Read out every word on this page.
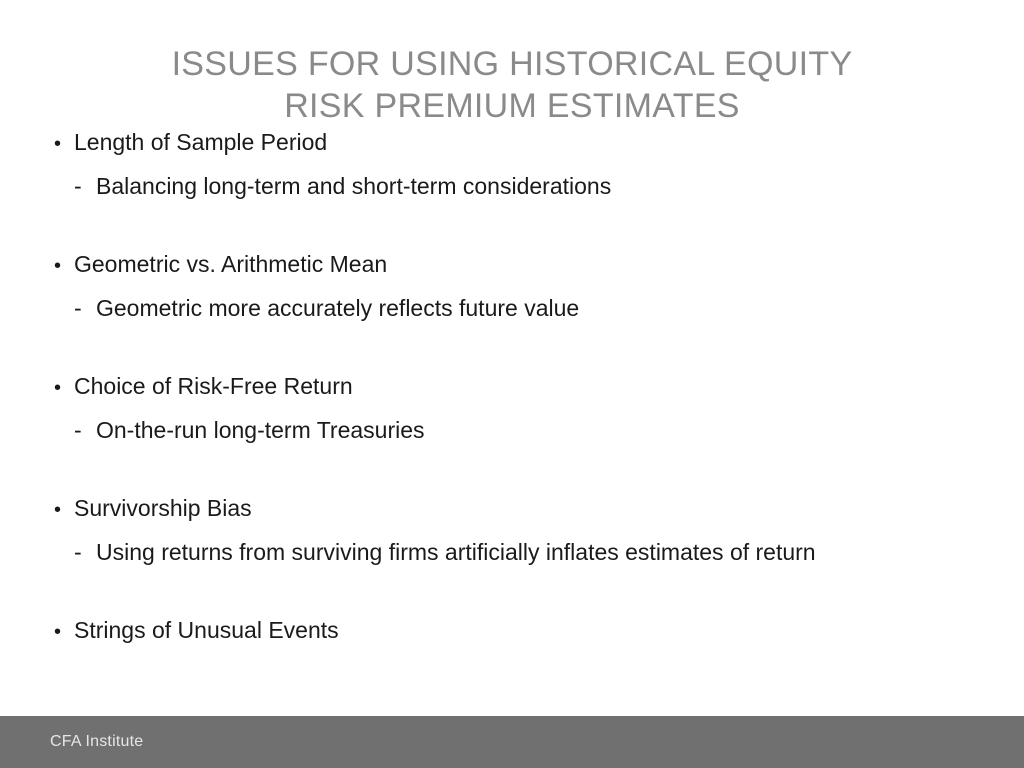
ISSUES FOR USING HISTORICAL EQUITY
RISK PREMIUM ESTIMATES
• Length of Sample Period
- Balancing long-term and short-term considerations
• Geometric vs. Arithmetic Mean
- Geometric more accurately reflects future value
• Choice of Risk-Free Return
- On-the-run long-term Treasuries
• Survivorship Bias
- Using returns from surviving firms artificially inflates estimates of return
• Strings of Unusual Events
CFA Institute
